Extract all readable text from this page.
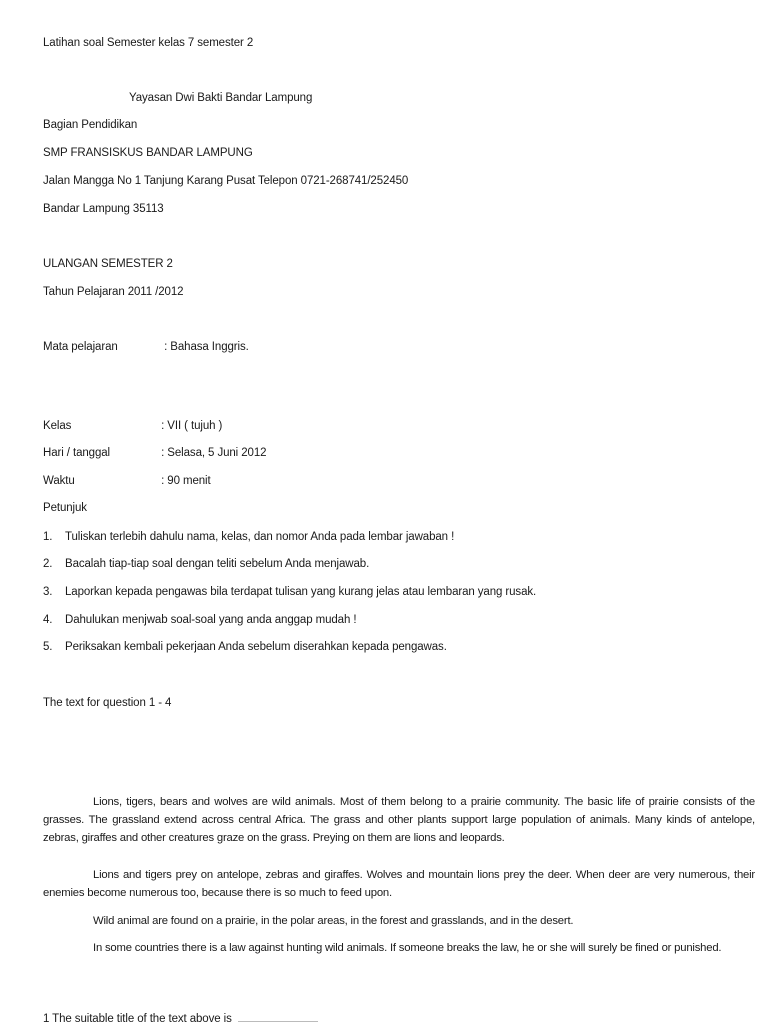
Latihan soal Semester kelas 7 semester 2
Yayasan Dwi Bakti Bandar Lampung
Bagian Pendidikan
SMP FRANSISKUS BANDAR LAMPUNG
Jalan Mangga No 1 Tanjung Karang Pusat Telepon 0721-268741/252450
Bandar Lampung 35113
ULANGAN SEMESTER 2
Tahun Pelajaran 2011 /2012
Mata pelajaran	: Bahasa Inggris.
Kelas	: VII ( tujuh )
Hari / tanggal	: Selasa, 5 Juni 2012
Waktu	: 90 menit
Petunjuk
1. Tuliskan terlebih dahulu nama, kelas, dan nomor Anda pada lembar jawaban !
2. Bacalah tiap-tiap soal dengan teliti sebelum Anda menjawab.
3. Laporkan kepada pengawas bila terdapat tulisan yang kurang jelas atau lembaran yang rusak.
4. Dahulukan menjwab soal-soal yang anda anggap mudah !
5. Periksakan kembali pekerjaan Anda sebelum diserahkan kepada pengawas.
The text for question 1 - 4

Lions, tigers, bears and wolves are wild animals. Most of them belong to a prairie community. The basic life of prairie consists of the grasses. The grassland extend across central Africa. The grass and other plants support large population of animals. Many kinds of antelope, zebras, giraffes and other creatures graze on the grass. Preying on them are lions and leopards.

Lions and tigers prey on antelope, zebras and giraffes. Wolves and mountain lions prey the deer. When deer are very numerous, their enemies become numerous too, because there is so much to feed upon.

Wild animal are found on a prairie, in the polar areas, in the forest and grasslands, and in the desert.

In some countries there is a law against hunting wild animals. If someone breaks the law, he or she will surely be fined or punished.

1 The suitable title of the text above is
